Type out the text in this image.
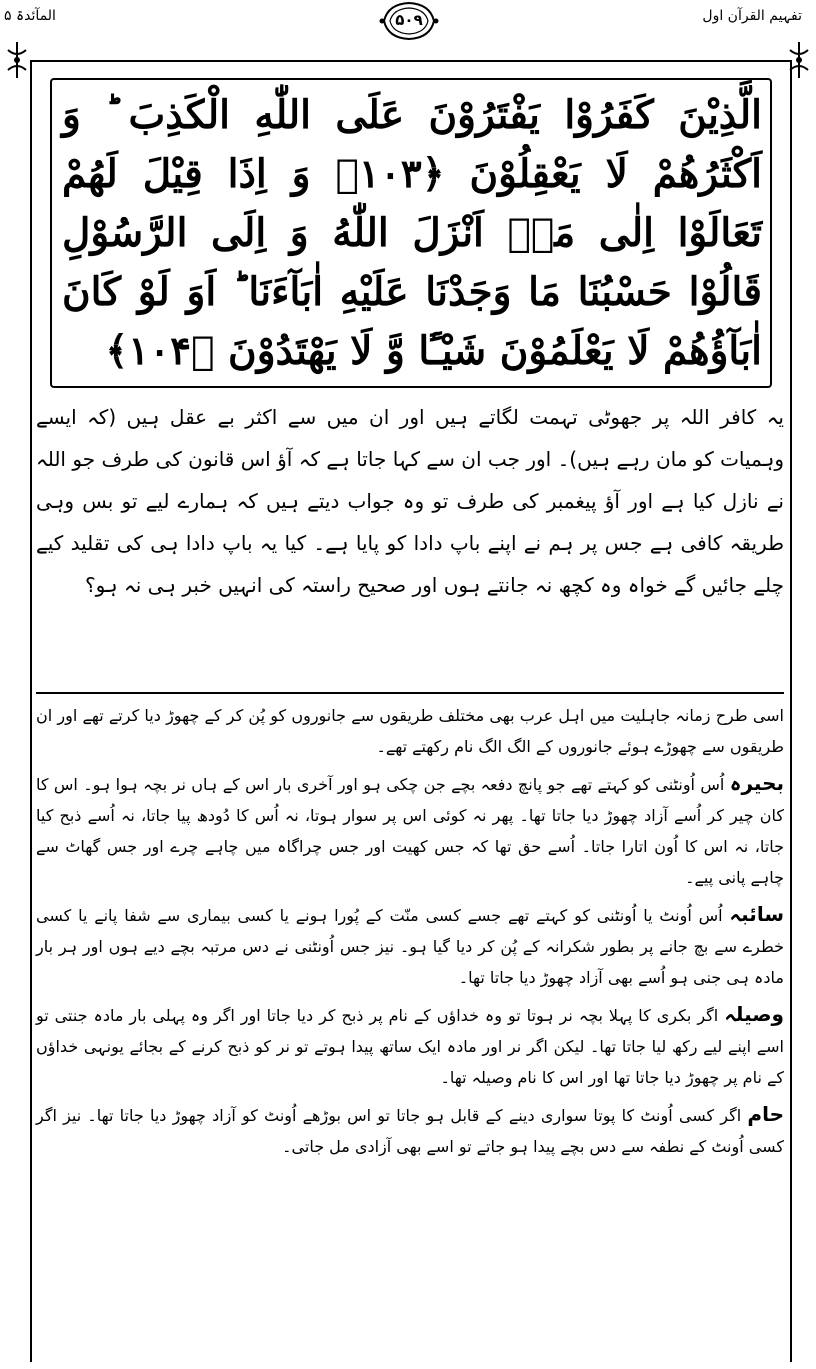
المآئدۃ ۵	۵۰۹	تفہیم القرآن اول
الَّذِیْنَ كَفَرُوْا یَفْتَرُوْنَ عَلَى اللّٰهِ الْكَذِبَ ؕ وَ اَكْثَرُهُمْ لَا یَعْقِلُوْنَ ﴿۱۰۳﴾ وَ اِذَا قِیْلَ لَهُمْ تَعَالَوْا اِلٰى مَاۤ اَنْزَلَ اللّٰهُ وَ اِلَى الرَّسُوْلِ قَالُوْا حَسْبُنَا مَا وَجَدْنَا عَلَیْهِ اٰبَآءَنَا ؕ اَوَ لَوْ كَانَ اٰبَآؤُهُمْ لَا یَعْلَمُوْنَ شَیْـًٔا وَّ لَا یَهْتَدُوْنَ ﴿۱۰۴﴾
یہ کافر اللہ پر جھوٹی تہمت لگاتے ہیں اور ان میں سے اکثر بے عقل ہیں (کہ ایسے وہمیات کو مان رہے ہیں)۔ اور جب ان سے کہا جاتا ہے کہ آؤ اس قانون کی طرف جو اللہ نے نازل کیا ہے اور آؤ پیغمبر کی طرف تو وہ جواب دیتے ہیں کہ ہمارے لیے تو بس وہی طریقہ کافی ہے جس پر ہم نے اپنے باپ دادا کو پایا ہے۔ کیا یہ باپ دادا ہی کی تقلید کیے چلے جائیں گے خواہ وہ کچھ نہ جانتے ہوں اور صحیح راستہ کی انہیں خبر ہی نہ ہو؟

اسی طرح زمانہ جاہلیت میں اہل عرب بھی مختلف طریقوں سے جانوروں کو پُن کر کے چھوڑ دیا کرتے تھے اور ان طریقوں سے چھوڑے ہوئے جانوروں کے الگ الگ نام رکھتے تھے۔

بحیرہ اُس اُونٹنی کو کہتے تھے جو پانچ دفعہ بچے جن چکی ہو اور آخری بار اس کے ہاں نر بچہ ہوا ہو۔ اس کا کان چیر کر اُسے آزاد چھوڑ دیا جاتا تھا۔ پھر نہ کوئی اس پر سوار ہوتا، نہ اُس کا دُودھ پیا جاتا، نہ اُسے ذبح کیا جاتا، نہ اس کا اُون اتارا جاتا۔ اُسے حق تھا کہ جس کھیت اور جس چراگاہ میں چاہے چرے اور جس گھاٹ سے چاہے پانی پیے۔

سائبہ اُس اُونٹ یا اُونٹنی کو کہتے تھے جسے کسی منّت کے پُورا ہونے یا کسی بیماری سے شفا پانے یا کسی خطرے سے بچ جانے پر بطور شکرانہ کے پُن کر دیا گیا ہو۔ نیز جس اُونٹنی نے دس مرتبہ بچے دیے ہوں اور ہر بار مادہ ہی جنی ہو اُسے بھی آزاد چھوڑ دیا جاتا تھا۔

وصیلہ اگر بکری کا پہلا بچہ نر ہوتا تو وہ خداؤں کے نام پر ذبح کر دیا جاتا اور اگر وہ پہلی بار مادہ جنتی تو اسے اپنے لیے رکھ لیا جاتا تھا۔ لیکن اگر نر اور مادہ ایک ساتھ پیدا ہوتے تو نر کو ذبح کرنے کے بجائے یونہی خداؤں کے نام پر چھوڑ دیا جاتا تھا اور اس کا نام وصیلہ تھا۔

حام اگر کسی اُونٹ کا پوتا سواری دینے کے قابل ہو جاتا تو اس بوڑھے اُونٹ کو آزاد چھوڑ دیا جاتا تھا۔ نیز اگر کسی اُونٹ کے نطفہ سے دس بچے پیدا ہو جاتے تو اسے بھی آزادی مل جاتی۔
